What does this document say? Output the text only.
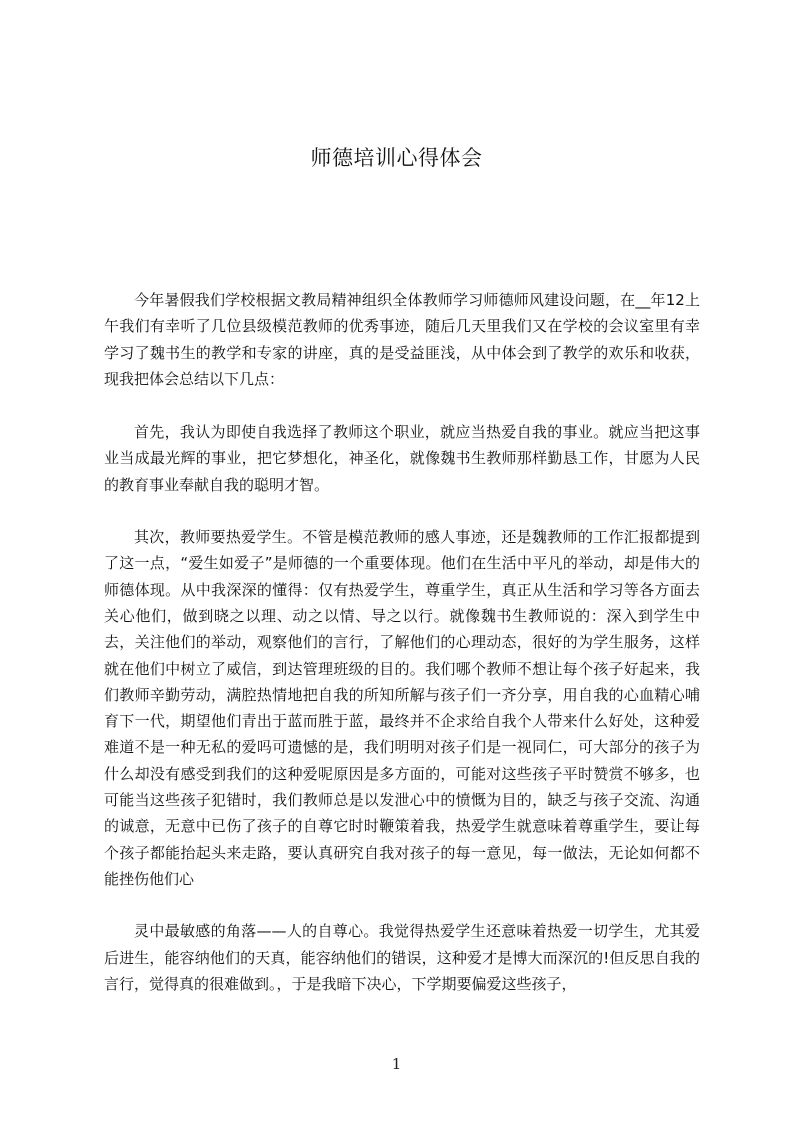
师德培训心得体会

今年暑假我们学校根据文教局精神组织全体教师学习师德师风建设问题，在__年12上午我们有幸听了几位县级模范教师的优秀事迹，随后几天里我们又在学校的会议室里有幸学习了魏书生的教学和专家的讲座，真的是受益匪浅，从中体会到了教学的欢乐和收获，现我把体会总结以下几点：

首先，我认为即使自我选择了教师这个职业，就应当热爱自我的事业。就应当把这事业当成最光辉的事业，把它梦想化，神圣化，就像魏书生教师那样勤恳工作，甘愿为人民的教育事业奉献自我的聪明才智。

其次，教师要热爱学生。不管是模范教师的感人事迹，还是魏教师的工作汇报都提到了这一点，“爱生如爱子”是师德的一个重要体现。他们在生活中平凡的举动，却是伟大的师德体现。从中我深深的懂得：仅有热爱学生，尊重学生，真正从生活和学习等各方面去关心他们，做到晓之以理、动之以情、导之以行。就像魏书生教师说的：深入到学生中去，关注他们的举动，观察他们的言行，了解他们的心理动态，很好的为学生服务，这样就在他们中树立了威信，到达管理班级的目的。我们哪个教师不想让每个孩子好起来，我们教师辛勤劳动，满腔热情地把自我的所知所解与孩子们一齐分享，用自我的心血精心哺育下一代，期望他们青出于蓝而胜于蓝，最终并不企求给自我个人带来什么好处，这种爱难道不是一种无私的爱吗可遗憾的是，我们明明对孩子们是一视同仁，可大部分的孩子为什么却没有感受到我们的这种爱呢原因是多方面的，可能对这些孩子平时赞赏不够多，也可能当这些孩子犯错时，我们教师总是以发泄心中的愤慨为目的，缺乏与孩子交流、沟通的诚意，无意中已伤了孩子的自尊它时时鞭策着我，热爱学生就意味着尊重学生，要让每个孩子都能抬起头来走路，要认真研究自我对孩子的每一意见，每一做法，无论如何都不能挫伤他们心

灵中最敏感的角落——人的自尊心。我觉得热爱学生还意味着热爱一切学生，尤其爱后进生，能容纳他们的天真，能容纳他们的错误，这种爱才是博大而深沉的!但反思自我的言行，觉得真的很难做到。，于是我暗下决心，下学期要偏爱这些孩子，

1
